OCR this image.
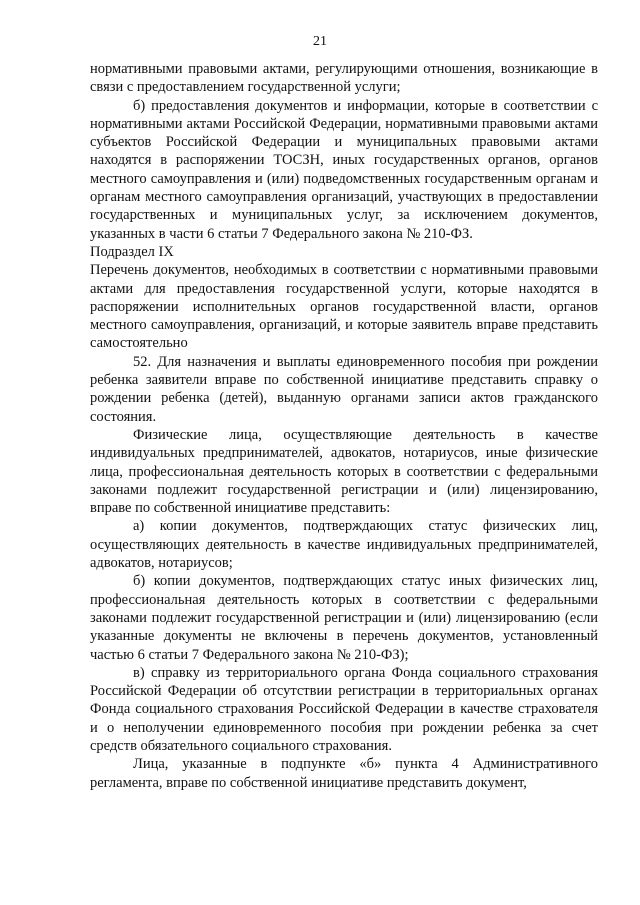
21

нормативными правовыми актами, регулирующими отношения, возникающие в связи с предоставлением государственной услуги;

б) предоставления документов и информации, которые в соответствии с нормативными актами Российской Федерации, нормативными правовыми актами субъектов Российской Федерации и муниципальных правовыми актами находятся в распоряжении ТОСЗН, иных государственных органов, органов местного самоуправления и (или) подведомственных государственным органам и органам местного самоуправления организаций, участвующих в предоставлении государственных и муниципальных услуг, за исключением документов, указанных в части 6 статьи 7 Федерального закона № 210-ФЗ.

Подраздел IX

Перечень документов, необходимых в соответствии с нормативными правовыми актами для предоставления государственной услуги, которые находятся в распоряжении исполнительных органов государственной власти, органов местного самоуправления, организаций, и которые заявитель вправе представить самостоятельно

52. Для назначения и выплаты единовременного пособия при рождении ребенка заявители вправе по собственной инициативе представить справку о рождении ребенка (детей), выданную органами записи актов гражданского состояния.

Физические лица, осуществляющие деятельность в качестве индивидуальных предпринимателей, адвокатов, нотариусов, иные физические лица, профессиональная деятельность которых в соответствии с федеральными законами подлежит государственной регистрации и (или) лицензированию, вправе по собственной инициативе представить:

а) копии документов, подтверждающих статус физических лиц, осуществляющих деятельность в качестве индивидуальных предпринимателей, адвокатов, нотариусов;

б) копии документов, подтверждающих статус иных физических лиц, профессиональная деятельность которых в соответствии с федеральными законами подлежит государственной регистрации и (или) лицензированию (если указанные документы не включены в перечень документов, установленный частью 6 статьи 7 Федерального закона № 210-ФЗ);

в) справку из территориального органа Фонда социального страхования Российской Федерации об отсутствии регистрации в территориальных органах Фонда социального страхования Российской Федерации в качестве страхователя и о неполучении единовременного пособия при рождении ребенка за счет средств обязательного социального страхования.

Лица, указанные в подпункте «б» пункта 4 Административного регламента, вправе по собственной инициативе представить документ,
